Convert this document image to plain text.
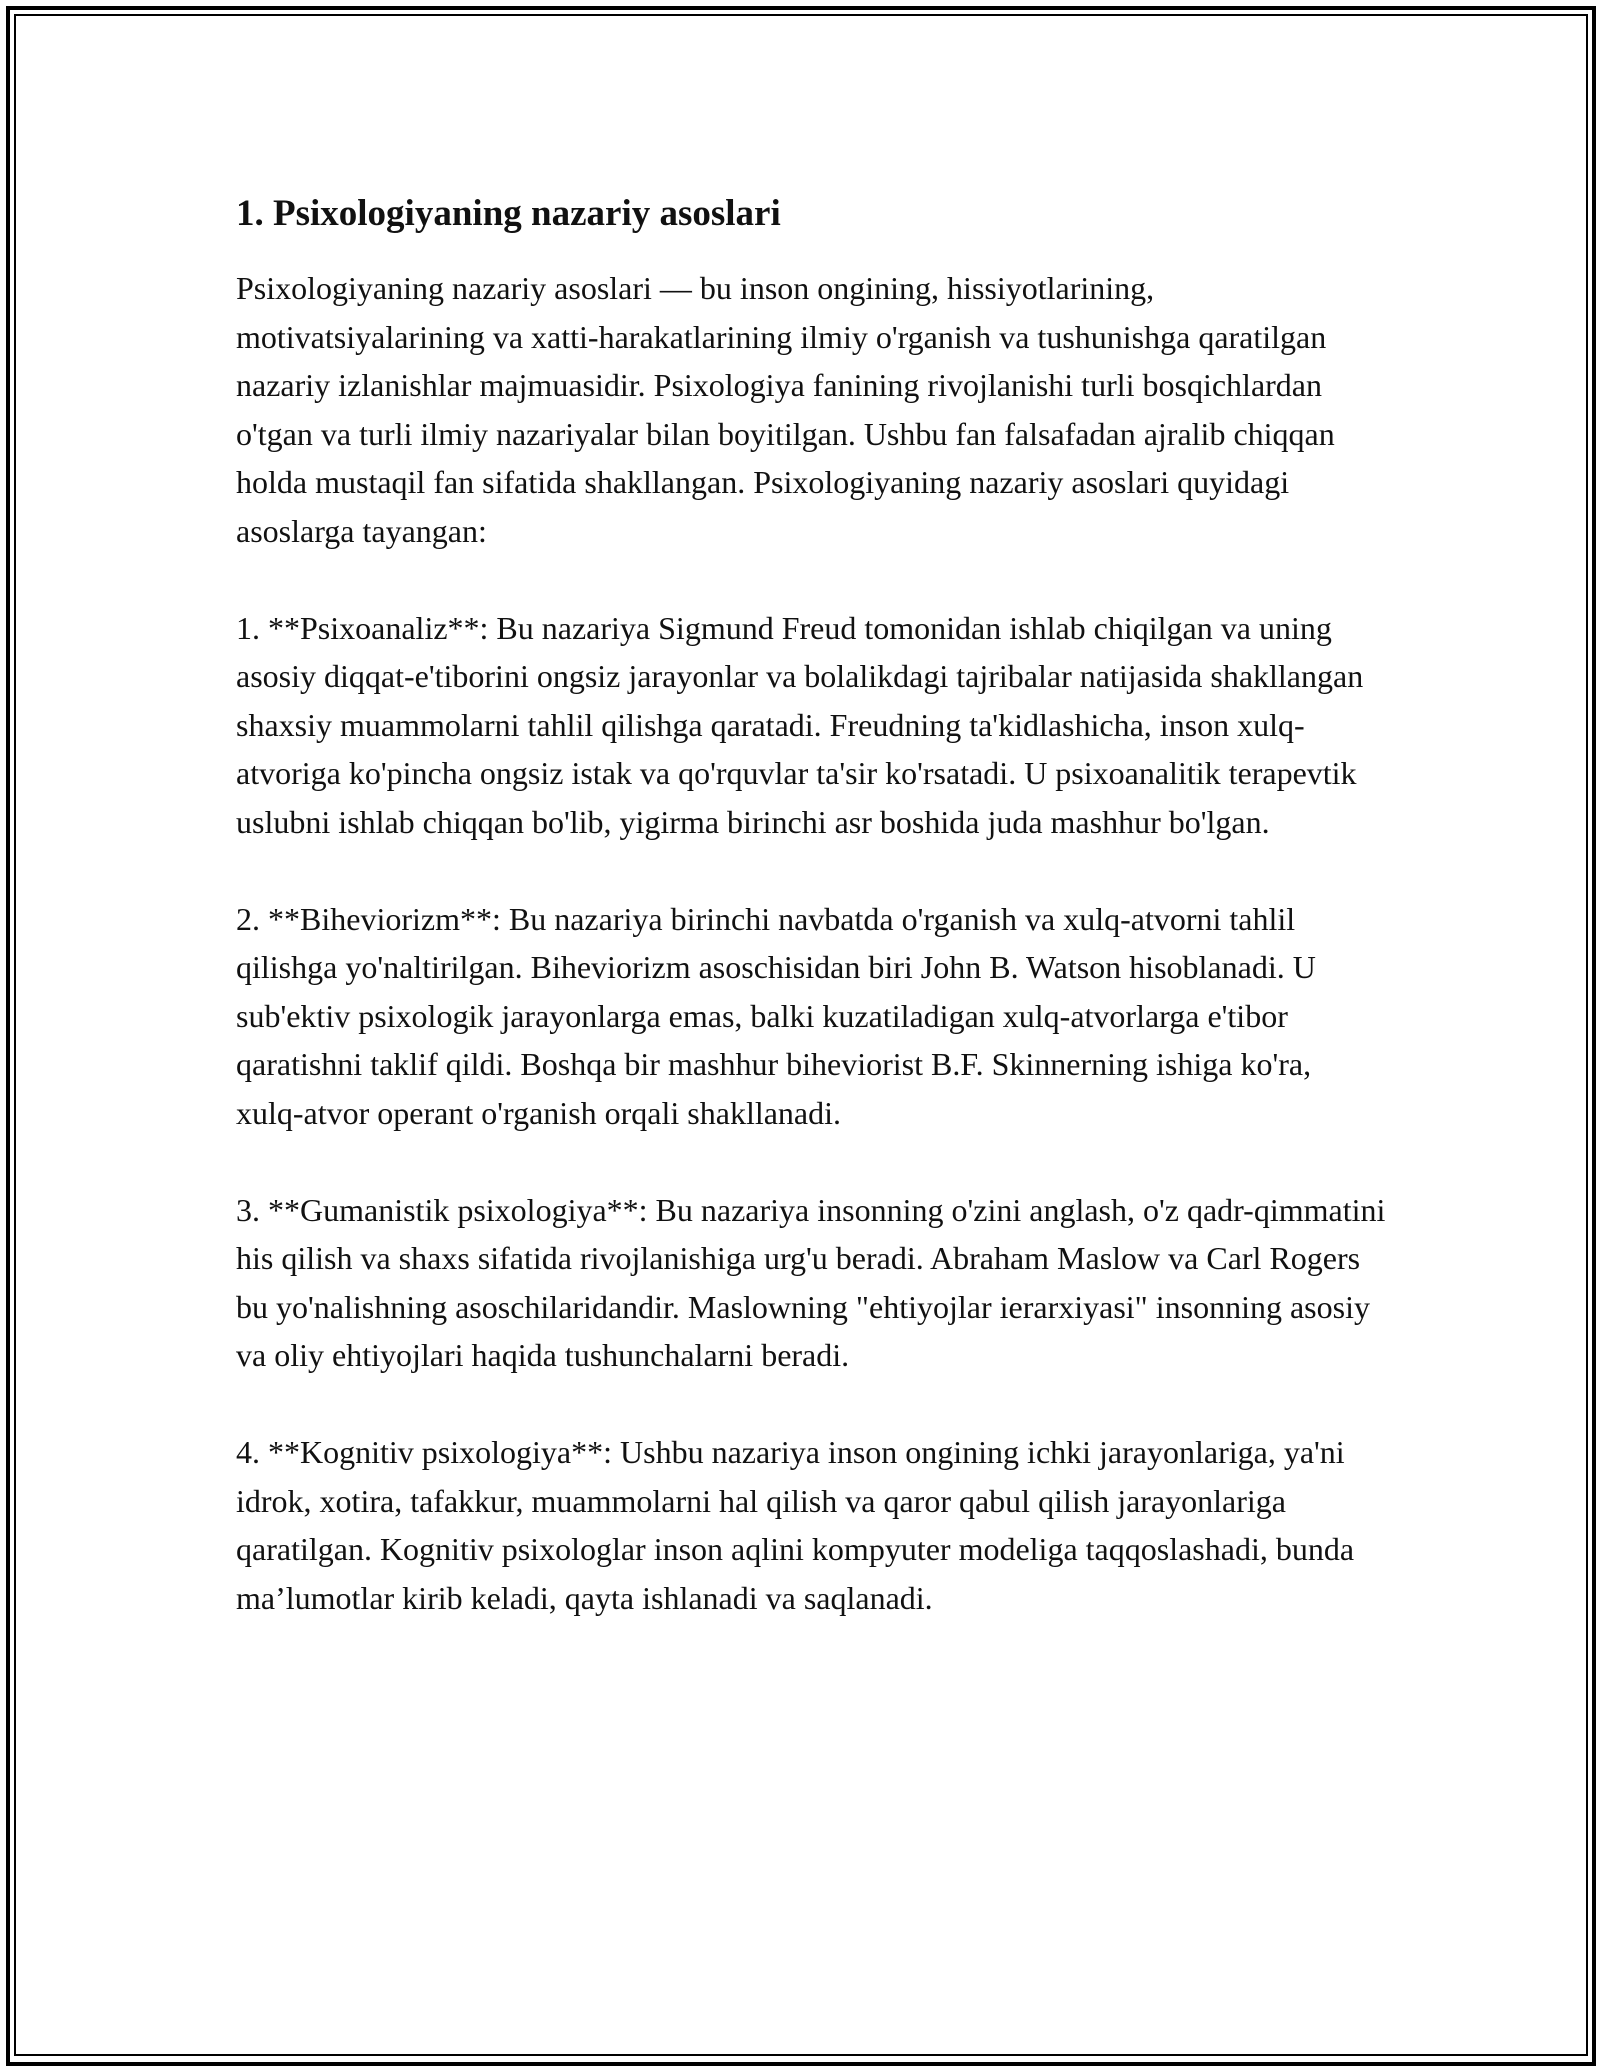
1. Psixologiyaning nazariy asoslari

Psixologiyaning nazariy asoslari — bu inson ongining, hissiyotlarining, motivatsiyalarining va xatti-harakatlarining ilmiy o'rganish va tushunishga qaratilgan nazariy izlanishlar majmuasidir. Psixologiya fanining rivojlanishi turli bosqichlardan o'tgan va turli ilmiy nazariyalar bilan boyitilgan. Ushbu fan falsafadan ajralib chiqqan holda mustaqil fan sifatida shakllangan. Psixologiyaning nazariy asoslari quyidagi asoslarga tayangan:

1. **Psixoanaliz**: Bu nazariya Sigmund Freud tomonidan ishlab chiqilgan va uning asosiy diqqat-e'tiborini ongsiz jarayonlar va bolalikdagi tajribalar natijasida shakllangan shaxsiy muammolarni tahlil qilishga qaratadi. Freudning ta'kidlashicha, inson xulq-atvoriga ko'pincha ongsiz istak va qo'rquvlar ta'sir ko'rsatadi. U psixoanalitik terapevtik uslubni ishlab chiqqan bo'lib, yigirma birinchi asr boshida juda mashhur bo'lgan.

2. **Biheviorizm**: Bu nazariya birinchi navbatda o'rganish va xulq-atvorni tahlil qilishga yo'naltirilgan. Biheviorizm asoschisidan biri John B. Watson hisoblanadi. U sub'ektiv psixologik jarayonlarga emas, balki kuzatiladigan xulq-atvorlarga e'tibor qaratishni taklif qildi. Boshqa bir mashhur biheviorist B.F. Skinnerning ishiga ko'ra, xulq-atvor operant o'rganish orqali shakllanadi.

3. **Gumanistik psixologiya**: Bu nazariya insonning o'zini anglash, o'z qadr-qimmatini his qilish va shaxs sifatida rivojlanishiga urg'u beradi. Abraham Maslow va Carl Rogers bu yo'nalishning asoschilaridandir. Maslowning "ehtiyojlar ierarxiyasi" insonning asosiy va oliy ehtiyojlari haqida tushunchalarni beradi.

4. **Kognitiv psixologiya**: Ushbu nazariya inson ongining ichki jarayonlariga, ya'ni idrok, xotira, tafakkur, muammolarni hal qilish va qaror qabul qilish jarayonlariga qaratilgan. Kognitiv psixologlar inson aqlini kompyuter modeliga taqqoslashadi, bunda ma’lumotlar kirib keladi, qayta ishlanadi va saqlanadi.
